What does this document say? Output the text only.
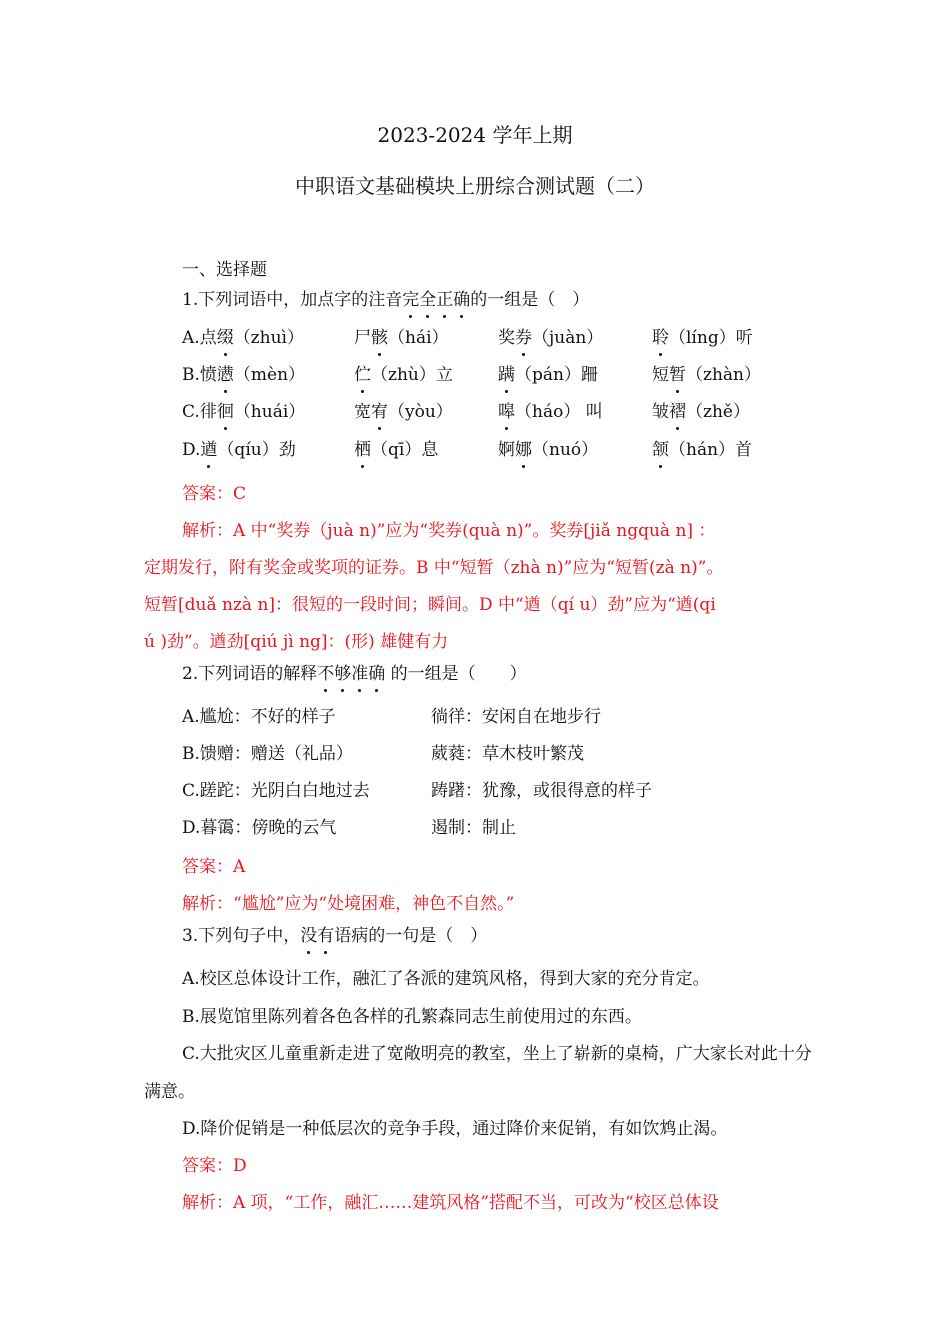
2023-2024 学年上期
中职语文基础模块上册综合测试题（二）
一、选择题
1.下列词语中，加点字的注音完全正确的一组是（　）
A.点缀（zhuì）	尸骸（hái）	奖券（juàn）	聆（líng）听
B.愤懑（mèn）	伫（zhù）立	蹒（pán）跚	短暂（zhàn）
C.徘徊（huái）	宽宥（yòu）	嗥（háo） 叫	皱褶（zhě）
D.遒（qíu）劲	栖（qī）息	婀娜（nuó）	颔（hán）首
答案：C
解析：A 中“奖券（juà n)”应为“奖券(quà n)”。奖券[jiǎ ngquà n] ：
定期发行，附有奖金或奖项的证券。B 中“短暂（zhà n)”应为“短暂(zà n)”。
短暂[duǎ nzà n]：很短的一段时间；瞬间。D 中“遒（qí u）劲”应为“遒(qi
ú )劲”。遒劲[qiú jì ng]：(形) 雄健有力
2.下列词语的解释不够准确 的一组是（　　）
A.尴尬：不好的样子	徜徉：安闲自在地步行
B.馈赠：赠送（礼品）	葳蕤：草木枝叶繁茂
C.蹉跎：光阴白白地过去	踌躇：犹豫，或很得意的样子
D.暮霭：傍晚的云气	遏制：制止
答案：A
解析：“尴尬”应为“处境困难，神色不自然。”
3.下列句子中，没有语病的一句是（　）
A.校区总体设计工作，融汇了各派的建筑风格，得到大家的充分肯定。
B.展览馆里陈列着各色各样的孔繁森同志生前使用过的东西。
C.大批灾区儿童重新走进了宽敞明亮的教室，坐上了崭新的桌椅，广大家长对此十分满意。
D.降价促销是一种低层次的竞争手段，通过降价来促销，有如饮鸩止渴。
答案：D
解析：A 项，“工作，融汇……建筑风格”搭配不当，可改为“校区总体设
